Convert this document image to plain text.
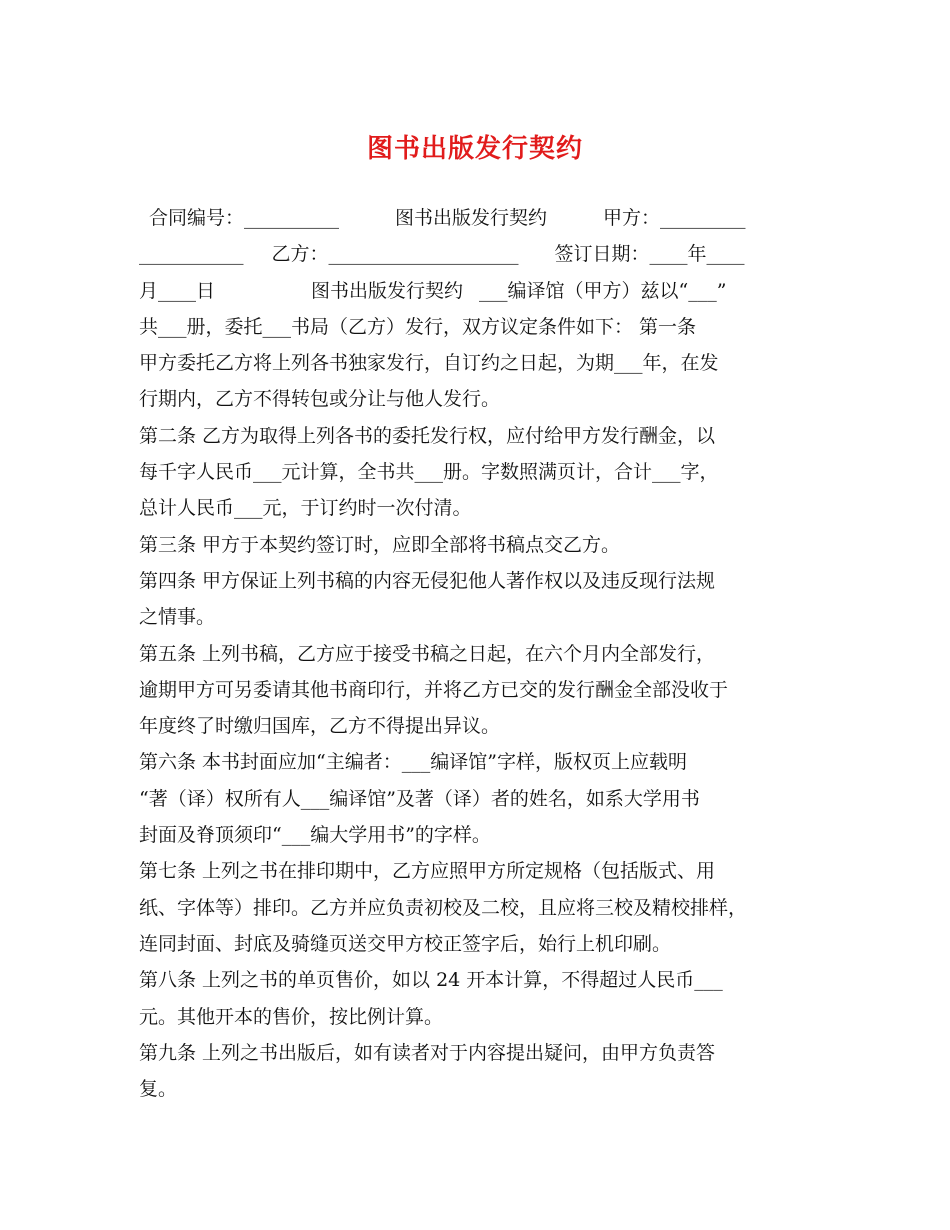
图书出版发行契约
合同编号：__________	图书出版发行契约	甲方：_________
___________ 乙方：____________________ 签订日期：____年____
月____日	图书出版发行契约 ___编译馆（甲方）兹以“___”
共___册，委托___书局（乙方）发行，双方议定条件如下： 第一条
甲方委托乙方将上列各书独家发行，自订约之日起，为期___年，在发
行期内，乙方不得转包或分让与他人发行。
第二条 乙方为取得上列各书的委托发行权，应付给甲方发行酬金，以
每千字人民币___元计算，全书共___册。字数照满页计，合计___字，
总计人民币___元，于订约时一次付清。
第三条 甲方于本契约签订时，应即全部将书稿点交乙方。
第四条 甲方保证上列书稿的内容无侵犯他人著作权以及违反现行法规
之情事。
第五条 上列书稿，乙方应于接受书稿之日起，在六个月内全部发行，
逾期甲方可另委请其他书商印行，并将乙方已交的发行酬金全部没收于
年度终了时缴归国库，乙方不得提出异议。
第六条 本书封面应加“主编者：___编译馆”字样，版权页上应载明
“著（译）权所有人___编译馆”及著（译）者的姓名，如系大学用书
封面及脊顶须印“___编大学用书”的字样。
第七条 上列之书在排印期中，乙方应照甲方所定规格（包括版式、用
纸、字体等）排印。乙方并应负责初校及二校，且应将三校及精校排样，
连同封面、封底及骑缝页送交甲方校正签字后，始行上机印刷。
第八条 上列之书的单页售价，如以 24 开本计算，不得超过人民币___
元。其他开本的售价，按比例计算。
第九条 上列之书出版后，如有读者对于内容提出疑问，由甲方负责答
复。
